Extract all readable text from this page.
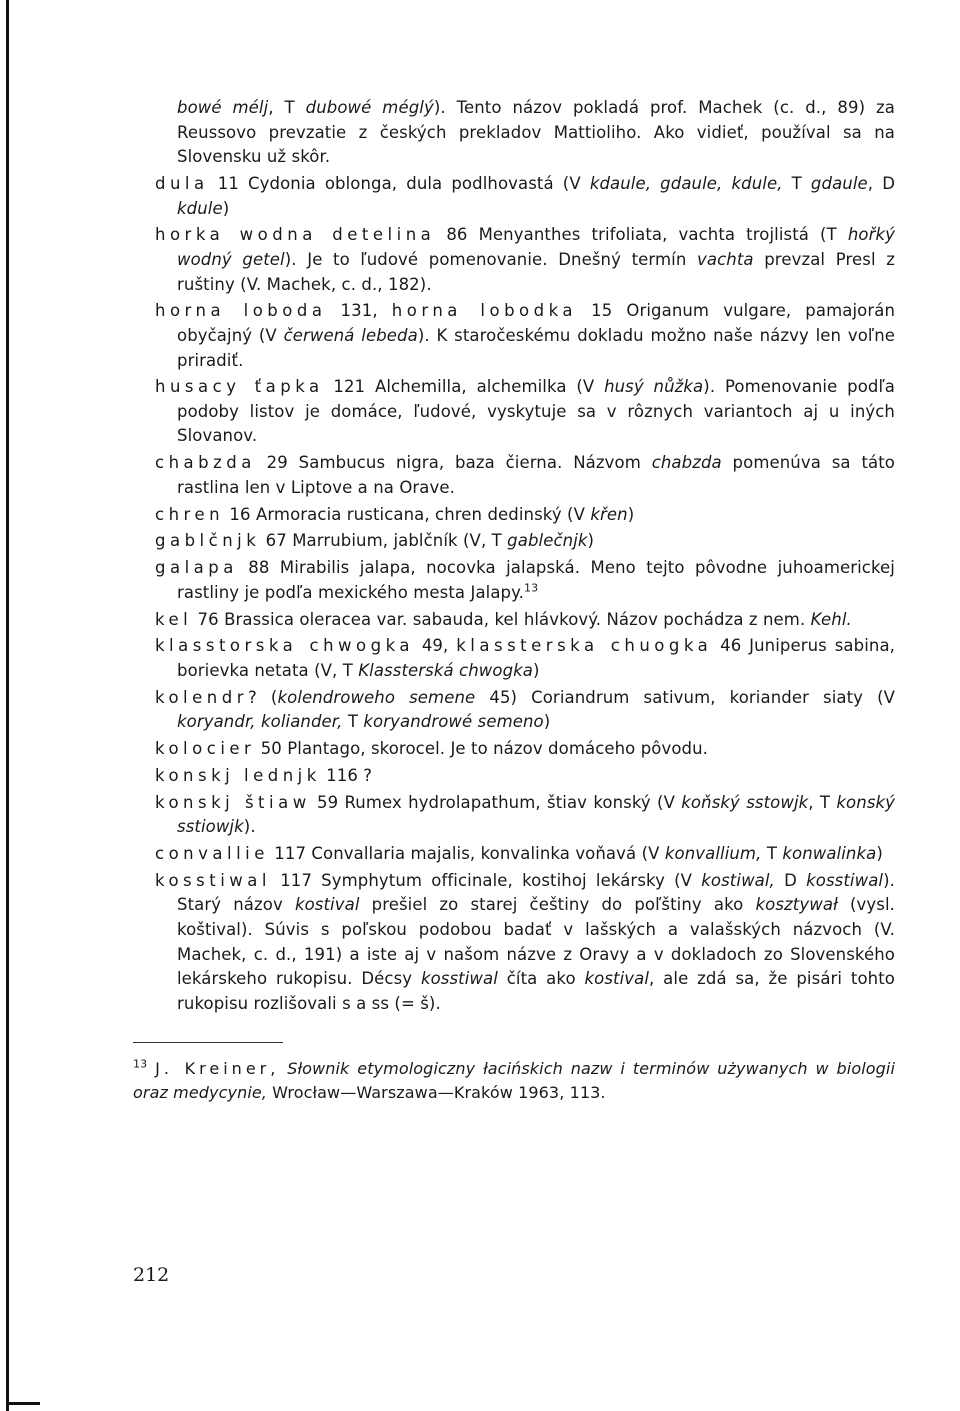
bowé mélj, T dubowé méglý). Tento názov pokladá prof. Machek (c. d., 89) za Reussovo prevzatie z českých prekladov Mattioliho. Ako vidieť, používal sa na Slovensku už skôr.

dula 11 Cydonia oblonga, dula podlhovastá (V kdaule, gdaule, kdule, T gdaule, D kdule)

horka wodna detelina 86 Menyanthes trifoliata, vachta trojlistá (T hořký wodný getel). Je to ľudové pomenovanie. Dnešný termín vachta prevzal Presl z ruštiny (V. Machek, c. d., 182).

horna loboda 131, horna lobodka 15 Origanum vulgare, pamajorán obyčajný (V čerwená lebeda). K staročeskému dokladu možno naše názvy len voľne priradiť.

husacy ťapka 121 Alchemilla, alchemilka (V husý nůžka). Pomenovanie podľa podoby listov je domáce, ľudové, vyskytuje sa v rôznych variantoch aj u iných Slovanov.

chabzda 29 Sambucus nigra, baza čierna. Názvom chabzda pomenúva sa táto rastlina len v Liptove a na Orave.

chren 16 Armoracia rusticana, chren dedinský (V křen)

gablčnjk 67 Marrubium, jablčník (V, T gablečnjk)

galapa 88 Mirabilis jalapa, nocovka jalapská. Meno tejto pôvodne juhoamerickej rastliny je podľa mexického mesta Jalapy.$^{13}$

kel 76 Brassica oleracea var. sabauda, kel hlávkový. Názov pochádza z nem. Kehl.

klasstorska chwogka 49, klassterska chuogka 46 Juniperus sabina, borievka netata (V, T Klassterská chwogka)

kolendr? (kolendroweho semene 45) Coriandrum sativum, koriander siaty (V koryandr, koliander, T koryandrowé semeno)

kolocier 50 Plantago, skorocel. Je to názov domáceho pôvodu.

konskj lednjk 116 ?

konskj štiaw 59 Rumex hydrolapathum, štiav konský (V koňský sstowjk, T konský sstiowjk).

convallie 117 Convallaria majalis, konvalinka voňavá (V konvallium, T konwalinka)

kosstiwal 117 Symphytum officinale, kostihoj lekársky (V kostiwal, D kosstiwal). Starý názov kostival prešiel zo starej češtiny do poľštiny ako kosztywał (vysl. koštival). Súvis s poľskou podobou badať v lašských a valašských názvoch (V. Machek, c. d., 191) a iste aj v našom názve z Oravy a v dokladoch zo Slovenského lekárskeho rukopisu. Décsy kosstiwal číta ako kostival, ale zdá sa, že pisári tohto rukopisu rozlišovali s a ss (= š).

$^{13}$ J. Kreiner, Słownik etymologiczny łacińskich nazw i terminów używanych w biologii oraz medycynie, Wrocław—Warszawa—Kraków 1963, 113.
212
